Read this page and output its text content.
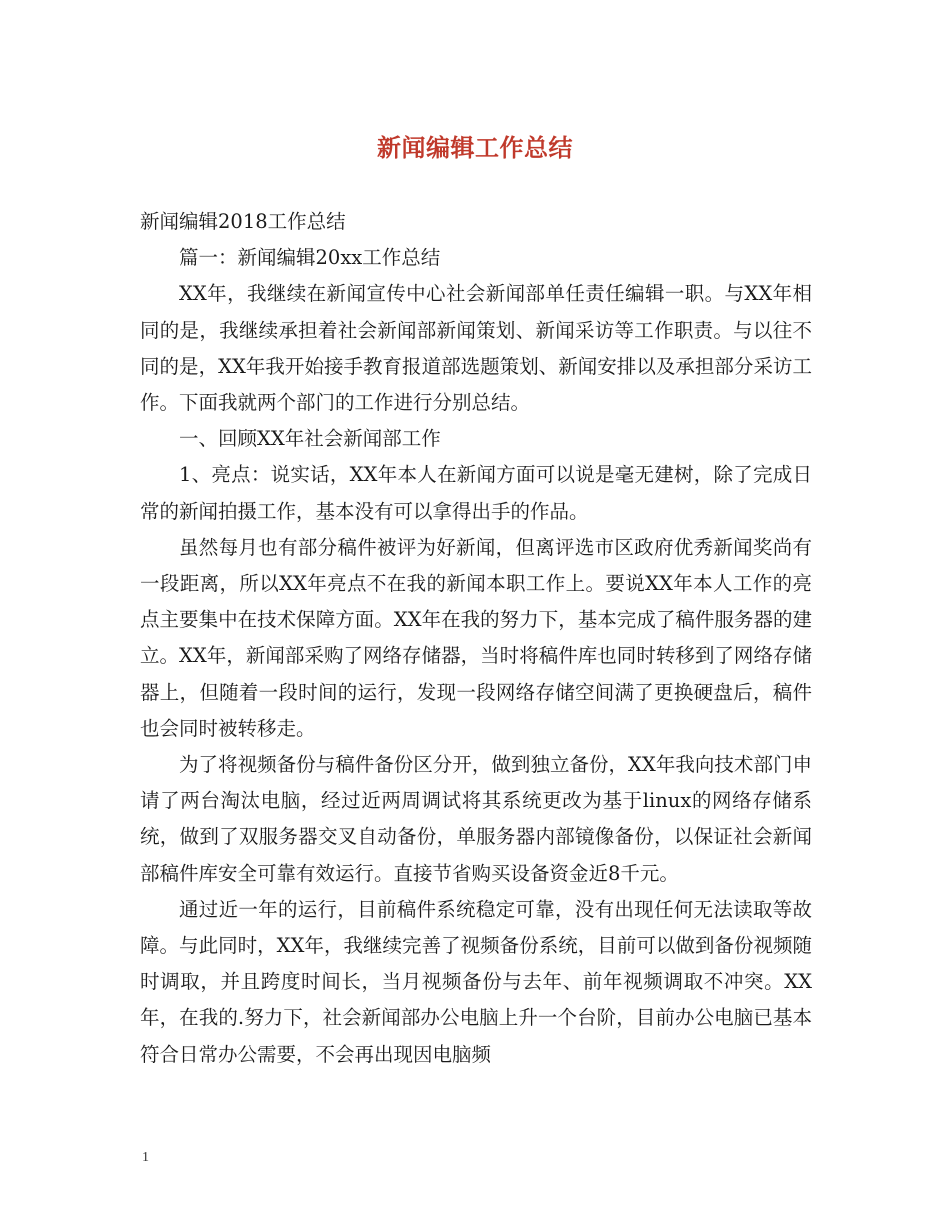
新闻编辑工作总结

新闻编辑2018工作总结

篇一：新闻编辑20xx工作总结

XX年，我继续在新闻宣传中心社会新闻部单任责任编辑一职。与XX年相同的是，我继续承担着社会新闻部新闻策划、新闻采访等工作职责。与以往不同的是，XX年我开始接手教育报道部选题策划、新闻安排以及承担部分采访工作。下面我就两个部门的工作进行分别总结。

一、回顾XX年社会新闻部工作

1、亮点：说实话，XX年本人在新闻方面可以说是毫无建树，除了完成日常的新闻拍摄工作，基本没有可以拿得出手的作品。

虽然每月也有部分稿件被评为好新闻，但离评选市区政府优秀新闻奖尚有一段距离，所以XX年亮点不在我的新闻本职工作上。要说XX年本人工作的亮点主要集中在技术保障方面。XX年在我的努力下，基本完成了稿件服务器的建立。XX年，新闻部采购了网络存储器，当时将稿件库也同时转移到了网络存储器上，但随着一段时间的运行，发现一段网络存储空间满了更换硬盘后，稿件也会同时被转移走。

为了将视频备份与稿件备份区分开，做到独立备份，XX年我向技术部门申请了两台淘汰电脑，经过近两周调试将其系统更改为基于linux的网络存储系统，做到了双服务器交叉自动备份，单服务器内部镜像备份，以保证社会新闻部稿件库安全可靠有效运行。直接节省购买设备资金近8千元。

通过近一年的运行，目前稿件系统稳定可靠，没有出现任何无法读取等故障。与此同时，XX年，我继续完善了视频备份系统，目前可以做到备份视频随时调取，并且跨度时间长，当月视频备份与去年、前年视频调取不冲突。XX年，在我的.努力下，社会新闻部办公电脑上升一个台阶，目前办公电脑已基本符合日常办公需要，不会再出现因电脑频

1
